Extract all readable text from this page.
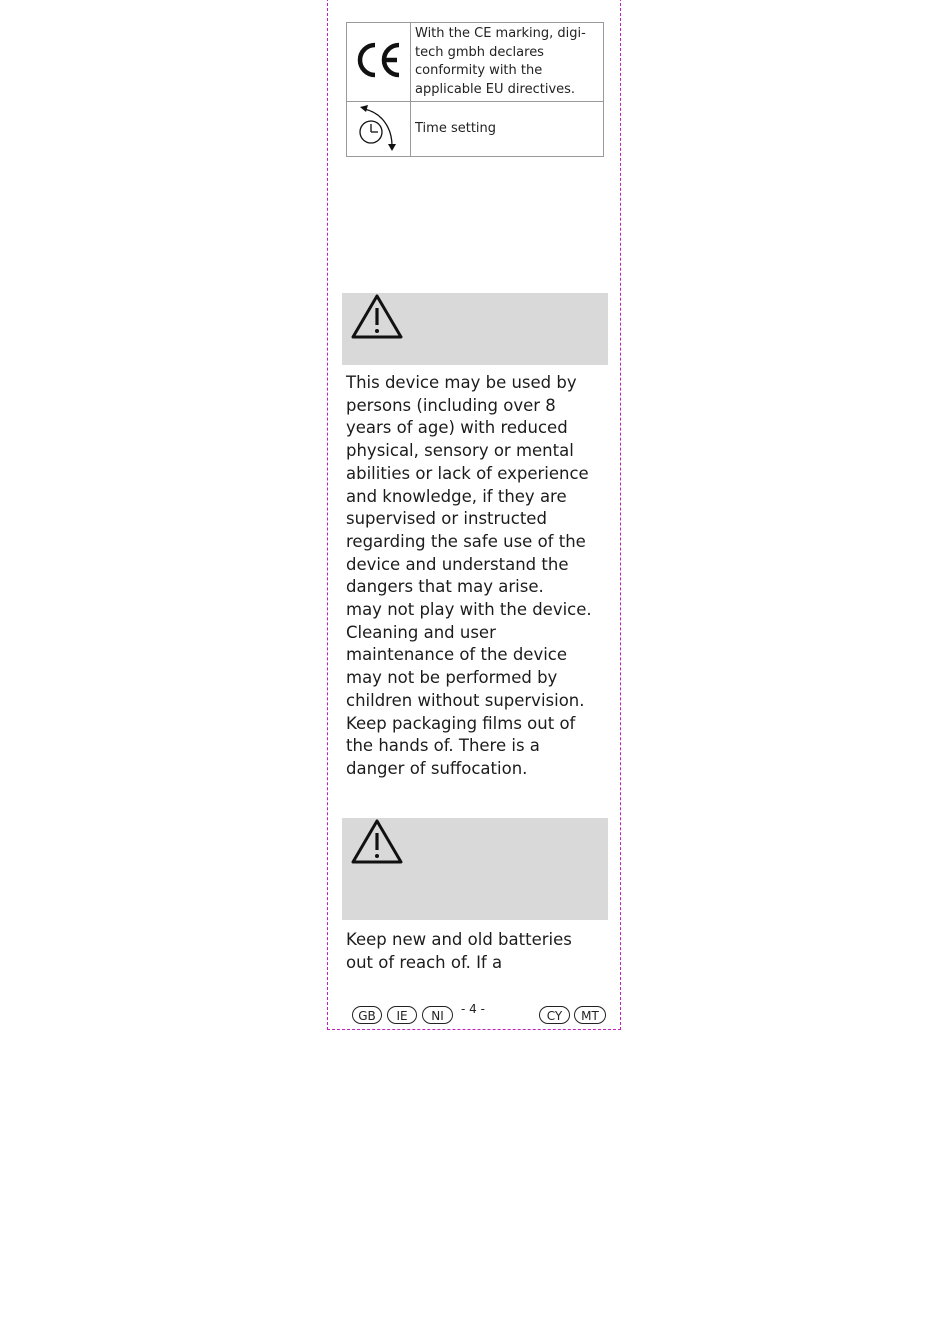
	With the CE marking, digi-tech gmbh declares conformity with the applicable EU directives.
	Time setting

This device may be used by persons (including over 8 years of age) with reduced physical, sensory or mental abilities or lack of experience and knowledge, if they are supervised or instructed regarding the safe use of the device and understand the dangers that may arise.

may not play with the device. Cleaning and user maintenance of the device may not be performed by children without supervision. Keep packaging films out of the hands of. There is a danger of suffocation.

Keep new and old batteries out of reach of. If a

GB	IE	NI	- 4 -	CY	MT
